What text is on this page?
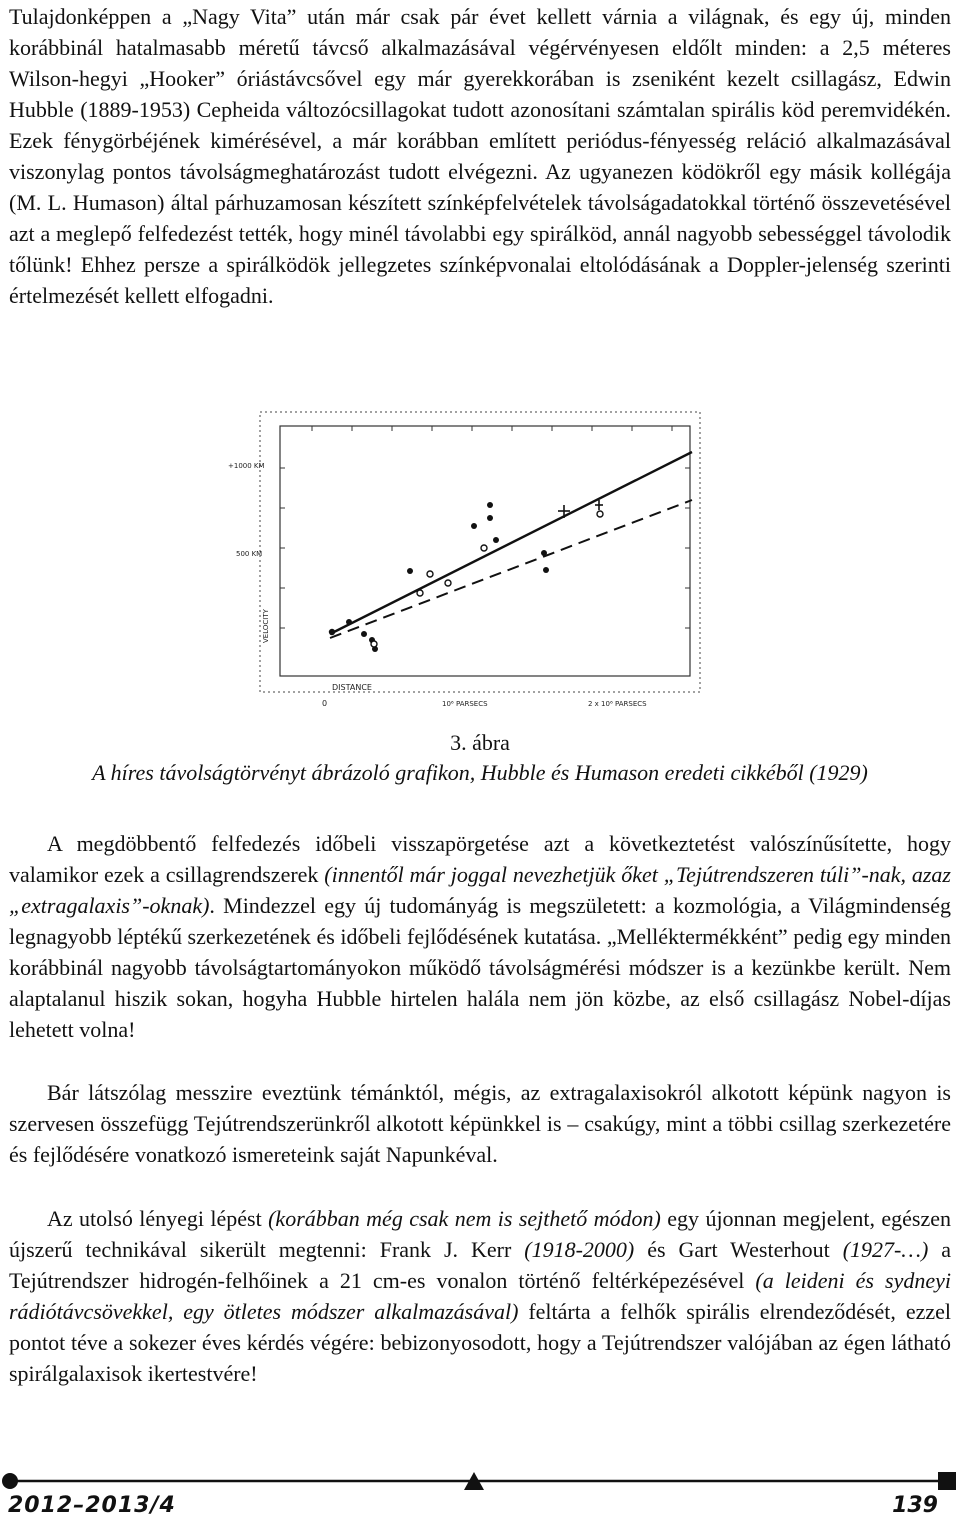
Tulajdonképpen a „Nagy Vita” után már csak pár évet kellett várnia a világnak, és egy új, minden korábbinál hatalmasabb méretű távcső alkalmazásával végérvényesen eldőlt minden: a 2,5 méteres Wilson-hegyi „Hooker” óriástávcsővel egy már gyerekkorában is zseniként kezelt csillagász, Edwin Hubble (1889-1953) Cepheida változócsillagokat tudott azonosítani számtalan spirális köd peremvidékén. Ezek fénygörbéjének kimérésével, a már korábban említett periódus-fényesség reláció alkalmazásával viszonylag pontos távolságmeghatározást tudott elvégezni. Az ugyanezen ködökről egy másik kollégája (M. L. Humason) által párhuzamosan készített színképfelvételek távolságadatokkal történő összevetésével azt a meglepő felfedezést tették, hogy minél távolabbi egy spirálköd, annál nagyobb sebességgel távolodik tőlünk! Ehhez persze a spirálködök jellegzetes színképvonalai eltolódásának a Doppler-jelenség szerinti értelmezését kellett elfogadni.

+1000 KM
500 KM
VELOCITY
DISTANCE
0	10⁶ PARSECS	2 x 10⁶ PARSECS
3. ábra
A híres távolságtörvényt ábrázoló grafikon, Hubble és Humason eredeti cikkéből (1929)

A megdöbbentő felfedezés időbeli visszapörgetése azt a következtetést valószínűsítette, hogy valamikor ezek a csillagrendszerek (innentől már joggal nevezhetjük őket „Tejútrendszeren túli”-nak, azaz „extragalaxis”-oknak). Mindezzel egy új tudományág is megszületett: a kozmológia, a Világmindenség legnagyobb léptékű szerkezetének és időbeli fejlődésének kutatása. „Melléktermékként” pedig egy minden korábbinál nagyobb távolságtartományokon működő távolságmérési módszer is a kezünkbe került. Nem alaptalanul hiszik sokan, hogyha Hubble hirtelen halála nem jön közbe, az első csillagász Nobel-díjas lehetett volna!

Bár látszólag messzire eveztünk témánktól, mégis, az extragalaxisokról alkotott képünk nagyon is szervesen összefügg Tejútrendszerünkről alkotott képünkkel is – csakúgy, mint a többi csillag szerkezetére és fejlődésére vonatkozó ismereteink saját Napunkéval.

Az utolsó lényegi lépést (korábban még csak nem is sejthető módon) egy újonnan megjelent, egészen újszerű technikával sikerült megtenni: Frank J. Kerr (1918-2000) és Gart Westerhout (1927-…) a Tejútrendszer hidrogén-felhőinek a 21 cm-es vonalon történő feltérképezésével (a leideni és sydneyi rádiótávcsövekkel, egy ötletes módszer alkalmazásával) feltárta a felhők spirális elrendeződését, ezzel pontot téve a sokezer éves kérdés végére: bebizonyosodott, hogy a Tejútrendszer valójában az égen látható spirálgalaxisok ikertestvére!

2012–2013/4	139
